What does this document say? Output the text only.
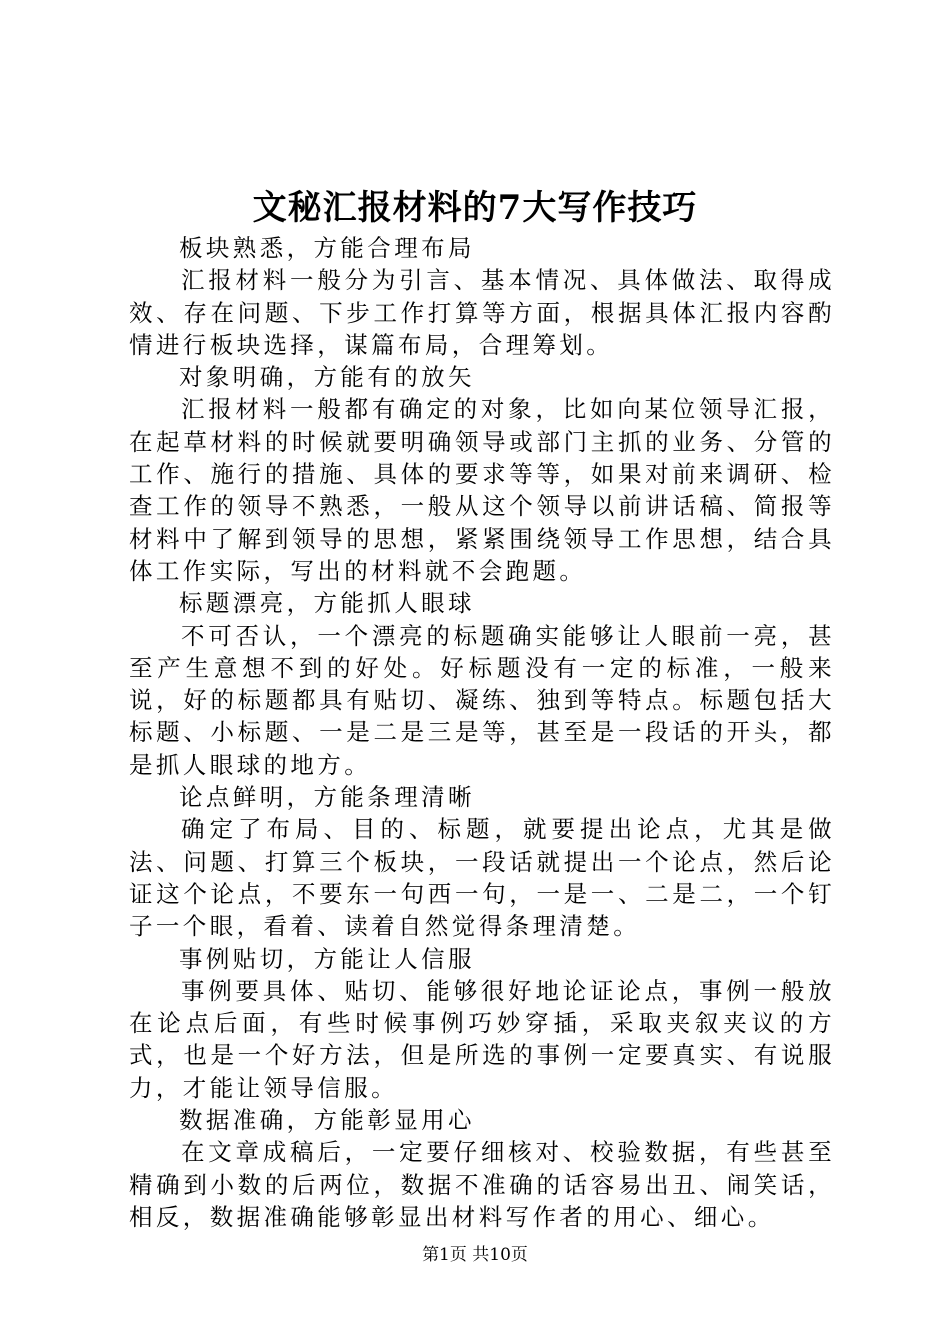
文秘汇报材料的7大写作技巧

板块熟悉，方能合理布局

汇报材料一般分为引言、基本情况、具体做法、取得成效、存在问题、下步工作打算等方面，根据具体汇报内容酌情进行板块选择，谋篇布局，合理筹划。

对象明确，方能有的放矢

汇报材料一般都有确定的对象，比如向某位领导汇报，在起草材料的时候就要明确领导或部门主抓的业务、分管的工作、施行的措施、具体的要求等等，如果对前来调研、检查工作的领导不熟悉，一般从这个领导以前讲话稿、简报等材料中了解到领导的思想，紧紧围绕领导工作思想，结合具体工作实际，写出的材料就不会跑题。

标题漂亮，方能抓人眼球

不可否认，一个漂亮的标题确实能够让人眼前一亮，甚至产生意想不到的好处。好标题没有一定的标准，一般来说，好的标题都具有贴切、凝练、独到等特点。标题包括大标题、小标题、一是二是三是等，甚至是一段话的开头，都是抓人眼球的地方。

论点鲜明，方能条理清晰

确定了布局、目的、标题，就要提出论点，尤其是做法、问题、打算三个板块，一段话就提出一个论点，然后论证这个论点，不要东一句西一句，一是一、二是二，一个钉子一个眼，看着、读着自然觉得条理清楚。

事例贴切，方能让人信服

事例要具体、贴切、能够很好地论证论点，事例一般放在论点后面，有些时候事例巧妙穿插，采取夹叙夹议的方式，也是一个好方法，但是所选的事例一定要真实、有说服力，才能让领导信服。

数据准确，方能彰显用心

在文章成稿后，一定要仔细核对、校验数据，有些甚至精确到小数的后两位，数据不准确的话容易出丑、闹笑话，相反，数据准确能够彰显出材料写作者的用心、细心。

第1页 共10页
